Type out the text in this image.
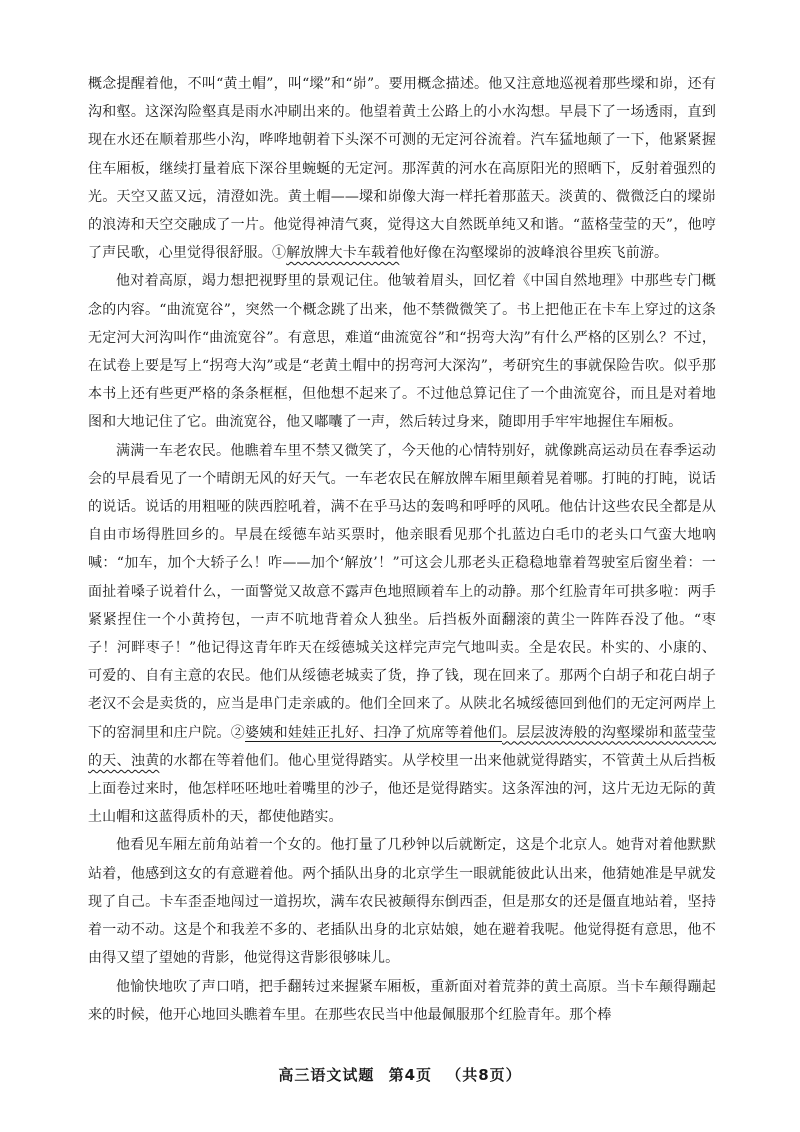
概念提醒着他，不叫“黄土帽”，叫“墚”和“峁”。要用概念描述。他又注意地巡视着那些墚和峁，还有沟和壑。这深沟险壑真是雨水冲刷出来的。他望着黄土公路上的小水沟想。早晨下了一场透雨，直到现在水还在顺着那些小沟，哗哗地朝着下头深不可测的无定河谷流着。汽车猛地颠了一下，他紧紧握住车厢板，继续打量着底下深谷里蜿蜒的无定河。那浑黄的河水在高原阳光的照晒下，反射着强烈的光。天空又蓝又远，清澄如洗。黄土帽——墚和峁像大海一样托着那蓝天。淡黄的、微微泛白的墚峁的浪涛和天空交融成了一片。他觉得神清气爽，觉得这大自然既单纯又和谐。“蓝格莹莹的天”，他哼了声民歌，心里觉得很舒服。①解放牌大卡车载着他好像在沟壑墚峁的波峰浪谷里疾飞前游。

他对着高原，竭力想把视野里的景观记住。他皱着眉头，回忆着《中国自然地理》中那些专门概念的内容。“曲流宽谷”，突然一个概念跳了出来，他不禁微微笑了。书上把他正在卡车上穿过的这条无定河大河沟叫作“曲流宽谷”。有意思，难道“曲流宽谷”和“拐弯大沟”有什么严格的区别么？不过，在试卷上要是写上“拐弯大沟”或是“老黄土帽中的拐弯河大深沟”，考研究生的事就保险告吹。似乎那本书上还有些更严格的条条框框，但他想不起来了。不过他总算记住了一个曲流宽谷，而且是对着地图和大地记住了它。曲流宽谷，他又嘟囔了一声，然后转过身来，随即用手牢牢地握住车厢板。

满满一车老农民。他瞧着车里不禁又微笑了，今天他的心情特别好，就像跳高运动员在春季运动会的早晨看见了一个晴朗无风的好天气。一车老农民在解放牌车厢里颠着晃着哪。打盹的打盹，说话的说话。说话的用粗哑的陕西腔吼着，满不在乎马达的轰鸣和呼呼的风吼。他估计这些农民全都是从自由市场得胜回乡的。早晨在绥德车站买票时，他亲眼看见那个扎蓝边白毛巾的老头口气蛮大地吶喊：“加车，加个大轿子么！咋——加个‘解放’！”可这会儿那老头正稳稳地靠着驾驶室后窗坐着：一面扯着嗓子说着什么，一面警觉又故意不露声色地照顾着车上的动静。那个红脸青年可拱多啦：两手紧紧捏住一个小黄挎包，一声不吭地背着众人独坐。后挡板外面翻滚的黄尘一阵阵吞没了他。“枣子！河畔枣子！”他记得这青年昨天在绥德城关这样完声完气地叫卖。全是农民。朴实的、小康的、可爱的、自有主意的农民。他们从绥德老城卖了货，挣了钱，现在回来了。那两个白胡子和花白胡子老汉不会是卖货的，应当是串门走亲戚的。他们全回来了。从陕北名城绥德回到他们的无定河两岸上下的窑洞里和庄户院。②婆姨和娃娃正扎好、扫净了炕席等着他们。层层波涛般的沟壑墚峁和蓝莹莹的天、浊黄的水都在等着他们。他心里觉得踏实。从学校里一出来他就觉得踏实，不管黄土从后挡板上面卷过来时，他怎样呸呸地吐着嘴里的沙子，他还是觉得踏实。这条浑浊的河，这片无边无际的黄土山帽和这蓝得质朴的天，都使他踏实。

他看见车厢左前角站着一个女的。他打量了几秒钟以后就断定，这是个北京人。她背对着他默默站着，他感到这女的有意避着他。两个插队出身的北京学生一眼就能彼此认出来，他猜她准是早就发现了自己。卡车歪歪地闯过一道拐坎，满车农民被颠得东倒西歪，但是那女的还是僵直地站着，坚持着一动不动。这是个和我差不多的、老插队出身的北京姑娘，她在避着我呢。他觉得挺有意思，他不由得又望了望她的背影，他觉得这背影很够味儿。

他愉快地吹了声口哨，把手翻转过来握紧车厢板，重新面对着荒莽的黄土高原。当卡车颠得蹦起来的时候，他开心地回头瞧着车里。在那些农民当中他最佩服那个红脸青年。那个棒

高三语文试题 第4页 （共8页）
